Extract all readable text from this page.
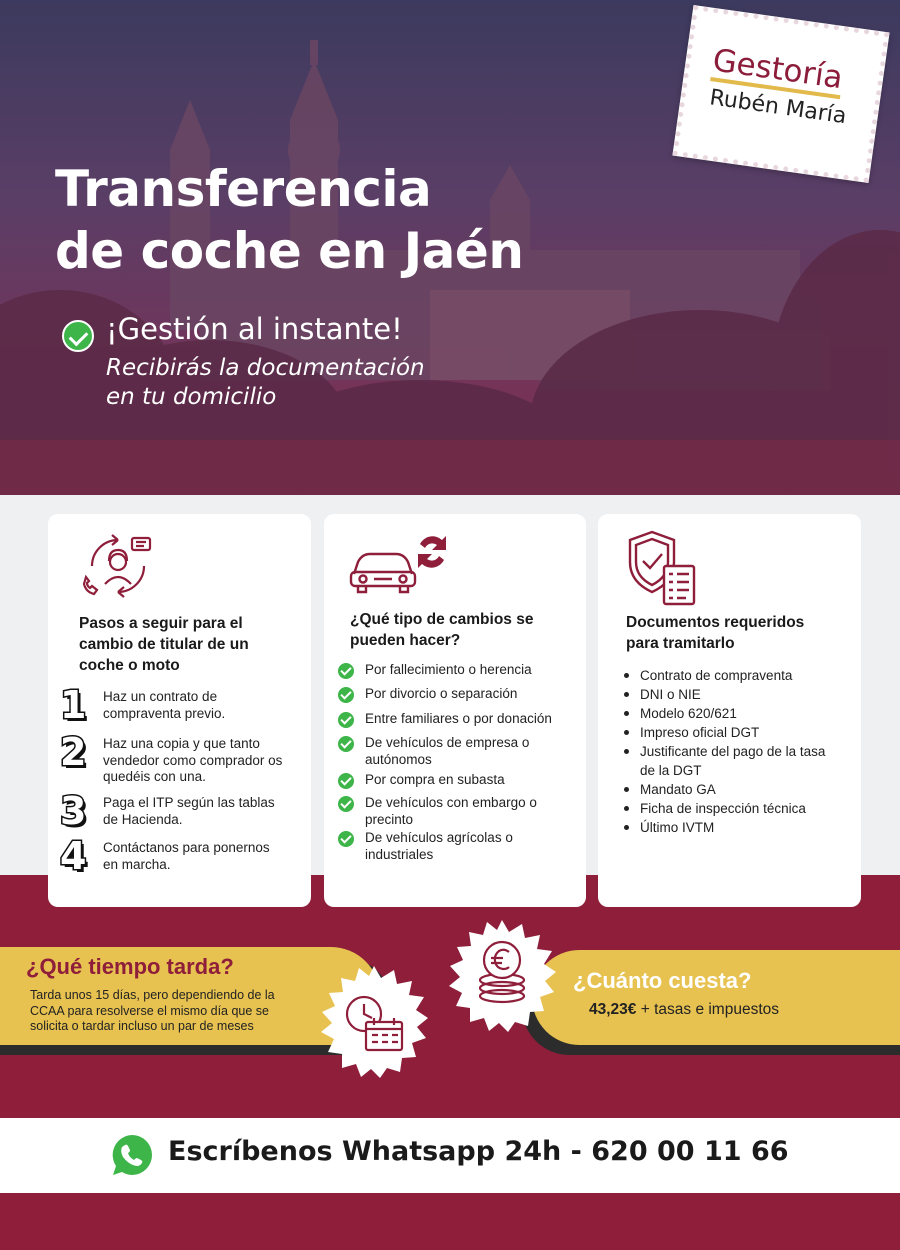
Transferencia
de coche en Jaén
¡Gestión al instante!
Recibirás la documentación
en tu domicilio
Gestoría
Rubén María
Pasos a seguir para el
cambio de titular de un
coche o moto
1	Haz un contrato de
compraventa previo.
2	Haz una copia y que tanto
vendedor como comprador os
quedéis con una.
3	Paga el ITP según las tablas
de Hacienda.
4	Contáctanos para ponernos
en marcha.
¿Qué tipo de cambios se
pueden hacer?
Por fallecimiento o herencia
Por divorcio o separación
Entre familiares o por donación
De vehículos de empresa o
autónomos
Por compra en subasta
De vehículos con embargo o
precinto
De vehículos agrícolas o
industriales
Documentos requeridos
para tramitarlo
Contrato de compraventa
DNI o NIE
Modelo 620/621
Impreso oficial DGT
Justificante del pago de la tasa
de la DGT
Mandato GA
Ficha de inspección técnica
Último IVTM
¿Qué tiempo tarda?
Tarda unos 15 días, pero dependiendo de la
CCAA para resolverse el mismo día que se
solicita o tardar incluso un par de meses
¿Cuánto cuesta?
43,23€ + tasas e impuestos
Escríbenos Whatsapp 24h - 620 00 11 66
